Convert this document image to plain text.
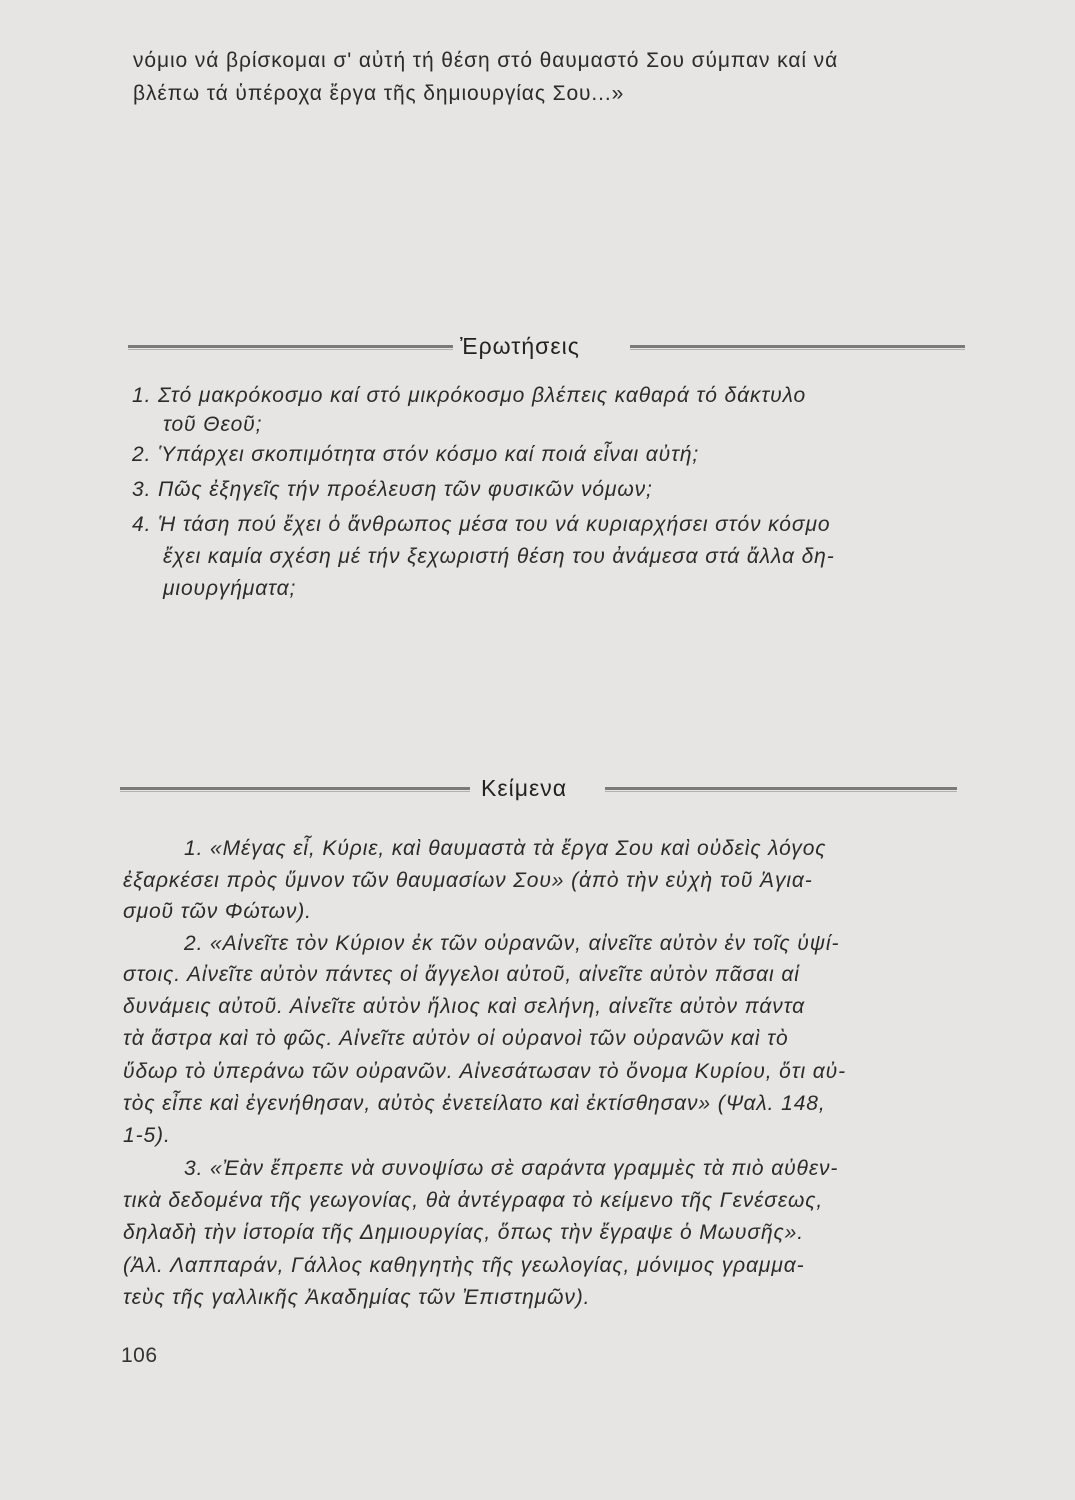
νόμιο νά βρίσκομαι σ' αὐτή τή θέση στό θαυμαστό Σου σύμπαν καί νά

βλέπω τά ὑπέροχα ἔργα τῆς δημιουργίας Σου...»

Ἐρωτήσεις

1. Στό μακρόκοσμο καί στό μικρόκοσμο βλέπεις καθαρά τό δάκτυλο

τοῦ Θεοῦ;

2. Ὑπάρχει σκοπιμότητα στόν κόσμο καί ποιά εἶναι αὐτή;

3. Πῶς ἐξηγεῖς τήν προέλευση τῶν φυσικῶν νόμων;

4. Ἡ τάση πού ἔχει ὁ ἄνθρωπος μέσα του νά κυριαρχήσει στόν κόσμο

ἔχει καμία σχέση μέ τήν ξεχωριστή θέση του ἀνάμεσα στά ἄλλα δη-

μιουργήματα;

Κείμενα

1. «Μέγας εἶ, Κύριε, καὶ θαυμαστὰ τὰ ἔργα Σου καὶ οὐδεὶς λόγος

ἐξαρκέσει πρὸς ὕμνον τῶν θαυμασίων Σου» (ἀπὸ τὴν εὐχὴ τοῦ Ἁγια-

σμοῦ τῶν Φώτων).

2. «Αἰνεῖτε τὸν Κύριον ἐκ τῶν οὐρανῶν, αἰνεῖτε αὐτὸν ἐν τοῖς ὑψί-

στοις. Αἰνεῖτε αὐτὸν πάντες οἱ ἄγγελοι αὐτοῦ, αἰνεῖτε αὐτὸν πᾶσαι αἱ

δυνάμεις αὐτοῦ. Αἰνεῖτε αὐτὸν ἥλιος καὶ σελήνη, αἰνεῖτε αὐτὸν πάντα

τὰ ἄστρα καὶ τὸ φῶς. Αἰνεῖτε αὐτὸν οἱ οὐρανοὶ τῶν οὐρανῶν καὶ τὸ

ὕδωρ τὸ ὑπεράνω τῶν οὐρανῶν. Αἰνεσάτωσαν τὸ ὄνομα Κυρίου, ὅτι αὐ-

τὸς εἶπε καὶ ἐγενήθησαν, αὐτὸς ἐνετείλατο καὶ ἐκτίσθησαν» (Ψαλ. 148,

1-5).

3. «Ἐὰν ἔπρεπε νὰ συνοψίσω σὲ σαράντα γραμμὲς τὰ πιὸ αὐθεν-

τικὰ δεδομένα τῆς γεωγονίας, θὰ ἀντέγραφα τὸ κείμενο τῆς Γενέσεως,

δηλαδὴ τὴν ἱστορία τῆς Δημιουργίας, ὅπως τὴν ἔγραψε ὁ Μωυσῆς».

(Ἀλ. Λαππαράν, Γάλλος καθηγητὴς τῆς γεωλογίας, μόνιμος γραμμα-

τεὺς τῆς γαλλικῆς Ἀκαδημίας τῶν Ἐπιστημῶν).

106
